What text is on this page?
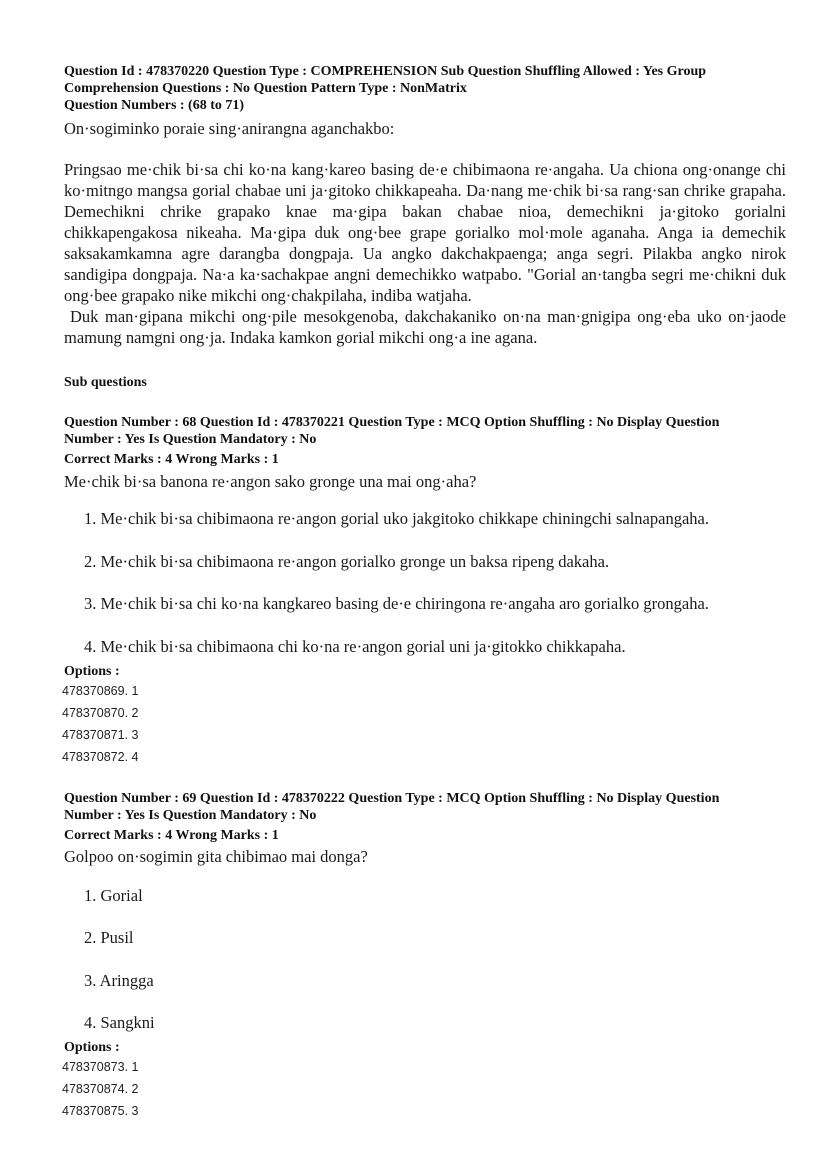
Question Id : 478370220 Question Type : COMPREHENSION Sub Question Shuffling Allowed : Yes Group
Comprehension Questions : No Question Pattern Type : NonMatrix
Question Numbers : (68 to 71)
On·sogiminko poraie sing·anirangna aganchakbo:

Pringsao me·chik bi·sa chi ko·na kang·kareo basing de·e chibimaona re·angaha. Ua chiona ong·onange chi ko·mitngo mangsa gorial chabae uni ja·gitoko chikkapeaha. Da·nang me·chik bi·sa rang·san chrike grapaha. Demechikni chrike grapako knae ma·gipa bakan chabae nioa, demechikni ja·gitoko gorialni chikkapengakosa nikeaha. Ma·gipa duk ong·bee grape gorialko mol·mole aganaha. Anga ia demechik saksakamkamna agre darangba dongpaja. Ua angko dakchakpaenga; anga segri. Pilakba angko nirok sandigipa dongpaja. Na·a ka·sachakpae angni demechikko watpabo. "Gorial an·tangba segri me·chikni duk ong·bee grapako nike mikchi ong·chakpilaha, indiba watjaha.

Duk man·gipana mikchi ong·pile mesokgenoba, dakchakaniko on·na man·gnigipa ong·eba uko on·jaode mamung namgni ong·ja. Indaka kamkon gorial mikchi ong·a ine agana.

Sub questions
Question Number : 68 Question Id : 478370221 Question Type : MCQ Option Shuffling : No Display Question
Number : Yes Is Question Mandatory : No
Correct Marks : 4 Wrong Marks : 1
Me·chik bi·sa banona re·angon sako gronge una mai ong·aha?
1. Me·chik bi·sa chibimaona re·angon gorial uko jakgitoko chikkape chiningchi salnapangaha.
2. Me·chik bi·sa chibimaona re·angon gorialko gronge un baksa ripeng dakaha.
3. Me·chik bi·sa chi ko·na kangkareo basing de·e chiringona re·angaha aro gorialko grongaha.
4. Me·chik bi·sa chibimaona chi ko·na re·angon gorial uni ja·gitokko chikkapaha.
Options :
478370869. 1
478370870. 2
478370871. 3
478370872. 4
Question Number : 69 Question Id : 478370222 Question Type : MCQ Option Shuffling : No Display Question
Number : Yes Is Question Mandatory : No
Correct Marks : 4 Wrong Marks : 1
Golpoo on·sogimin gita chibimao mai donga?
1. Gorial
2. Pusil
3. Aringga
4. Sangkni
Options :
478370873. 1
478370874. 2
478370875. 3
